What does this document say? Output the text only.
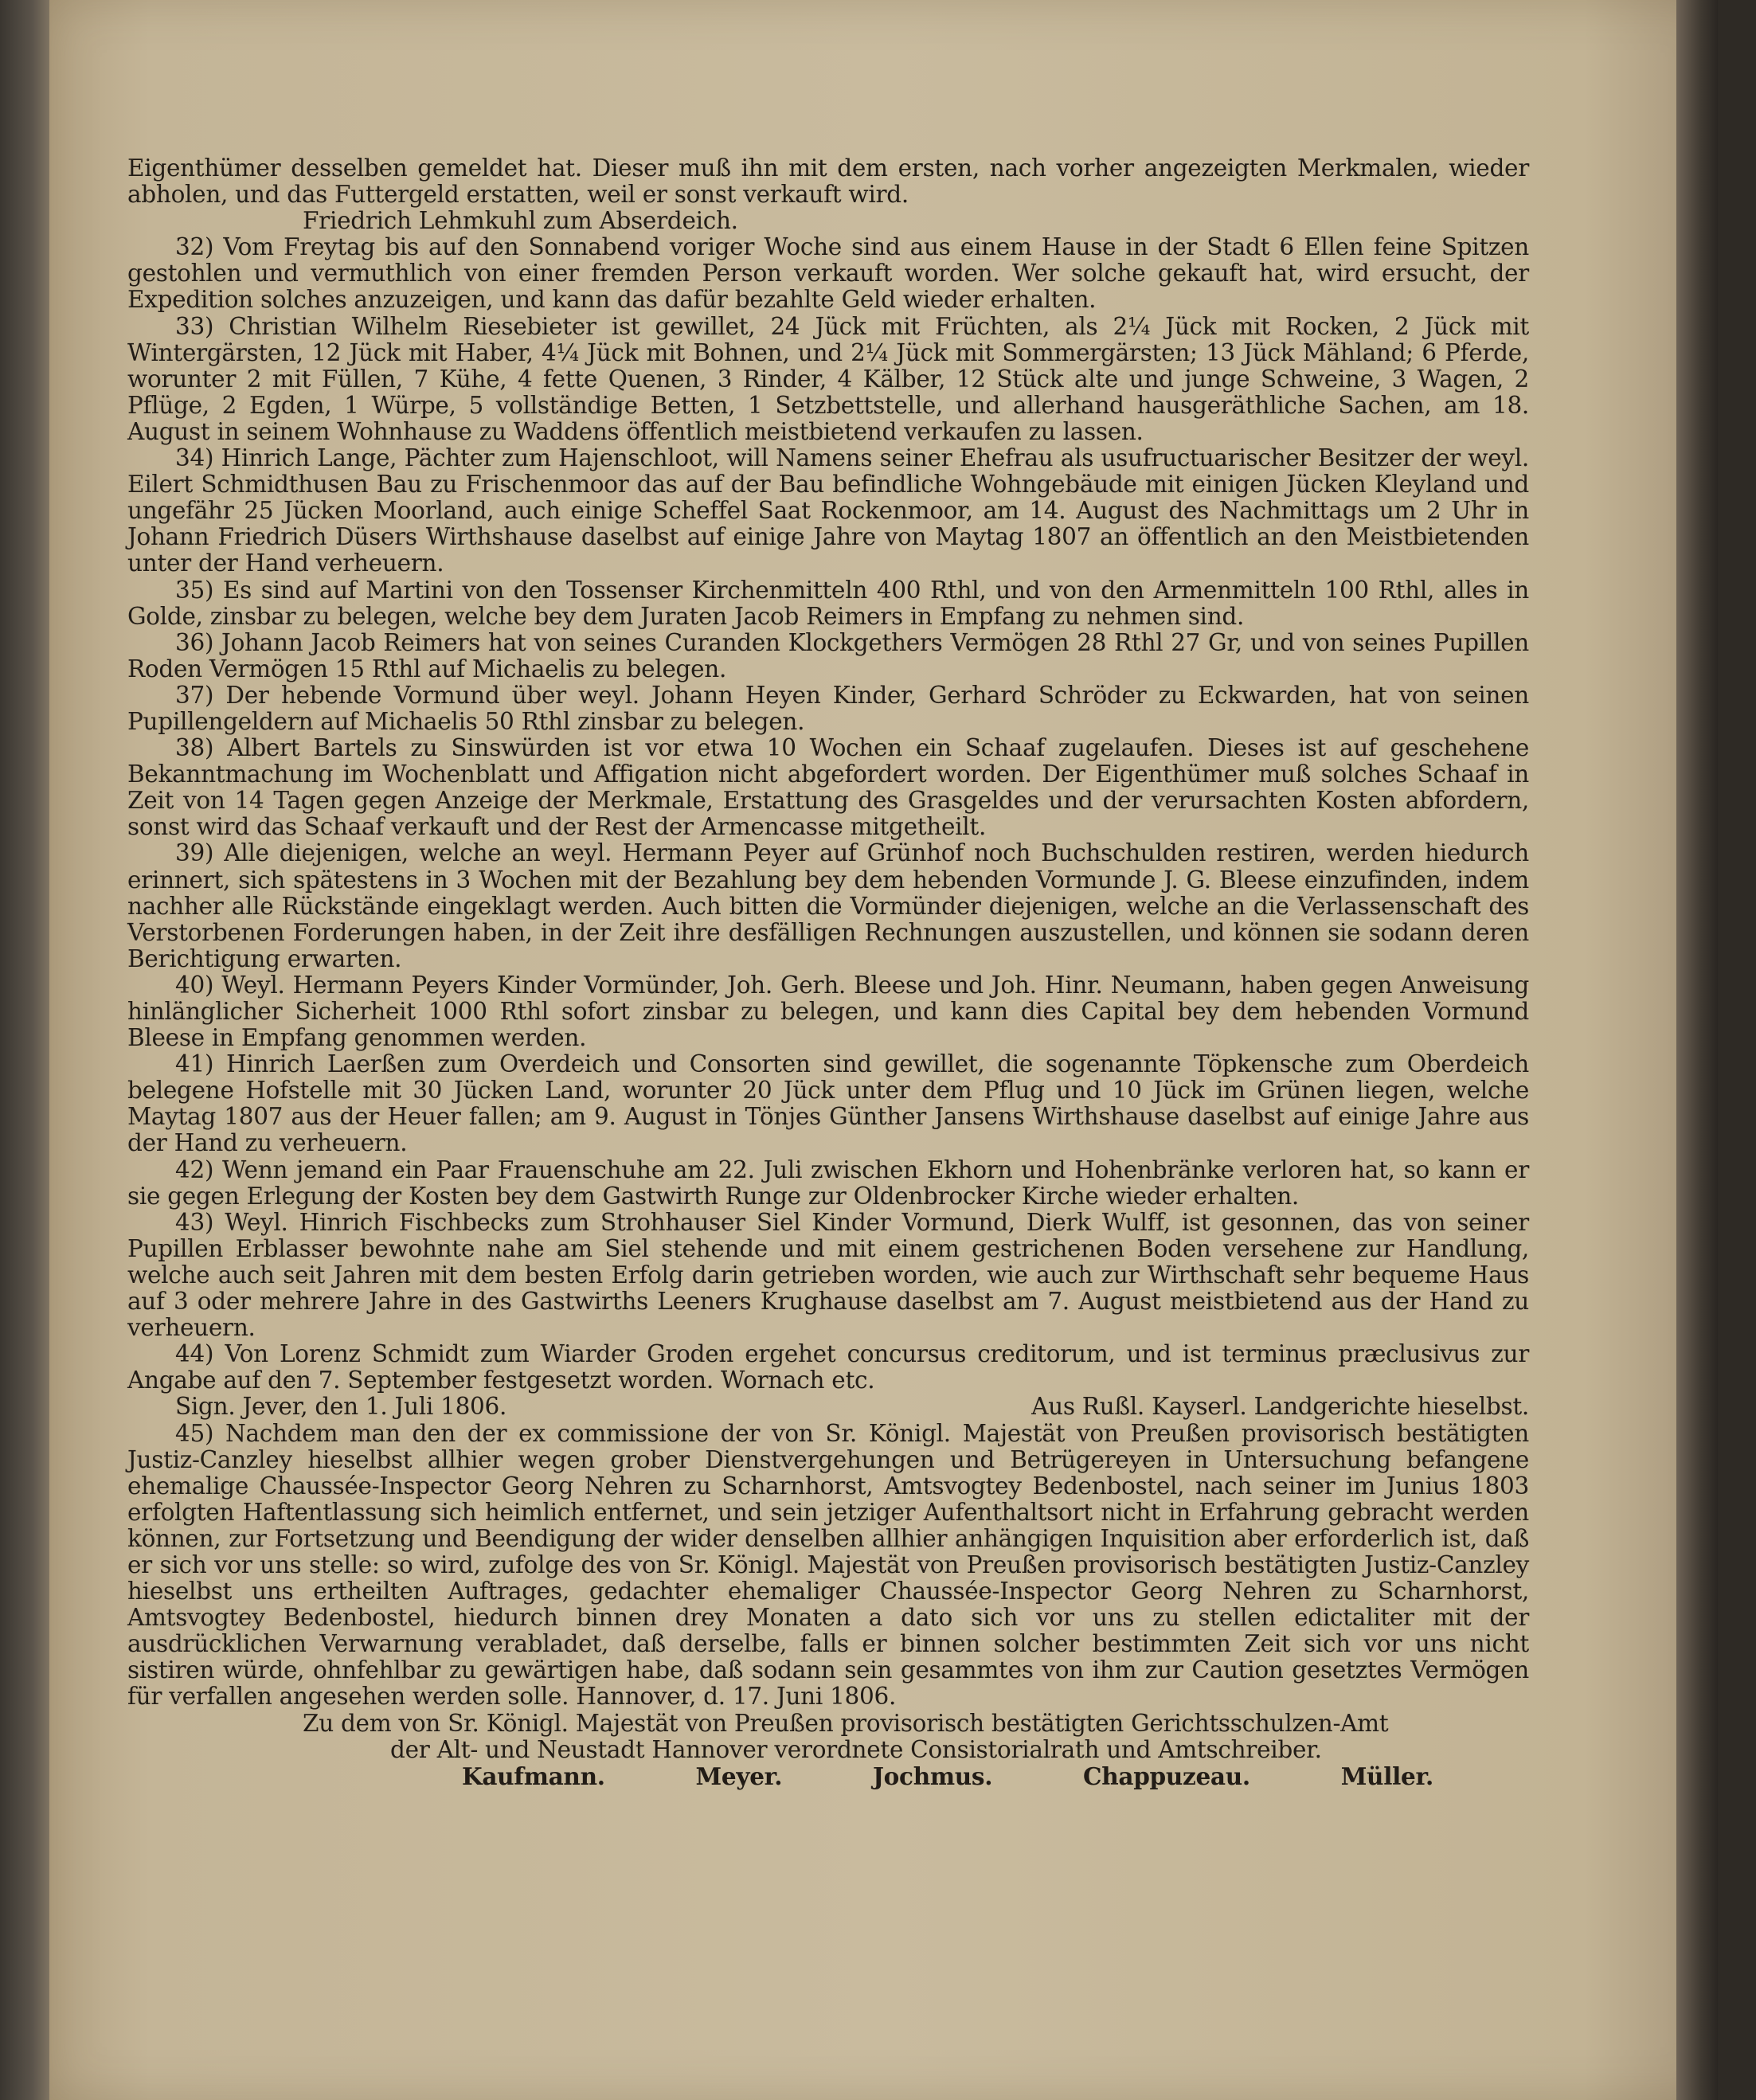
Eigenthümer desselben gemeldet hat. Dieser muß ihn mit dem ersten, nach vorher angezeigten Merkmalen, wieder abholen, und das Futtergeld erstatten, weil er sonst verkauft wird.

Friedrich Lehmkuhl zum Abserdeich.

32) Vom Freytag bis auf den Sonnabend voriger Woche sind aus einem Hause in der Stadt 6 Ellen feine Spitzen gestohlen und vermuthlich von einer fremden Person verkauft worden. Wer solche gekauft hat, wird ersucht, der Expedition solches anzuzeigen, und kann das dafür bezahlte Geld wieder erhalten.

33) Christian Wilhelm Riesebieter ist gewillet, 24 Jück mit Früchten, als 2¼ Jück mit Rocken, 2 Jück mit Wintergärsten, 12 Jück mit Haber, 4¼ Jück mit Bohnen, und 2¼ Jück mit Sommergärsten; 13 Jück Mähland; 6 Pferde, worunter 2 mit Füllen, 7 Kühe, 4 fette Quenen, 3 Rinder, 4 Kälber, 12 Stück alte und junge Schweine, 3 Wagen, 2 Pflüge, 2 Egden, 1 Würpe, 5 vollständige Betten, 1 Setzbettstelle, und allerhand hausgeräthliche Sachen, am 18. August in seinem Wohnhause zu Waddens öffentlich meistbietend verkaufen zu lassen.

34) Hinrich Lange, Pächter zum Hajenschloot, will Namens seiner Ehefrau als usufructuarischer Besitzer der weyl. Eilert Schmidthusen Bau zu Frischenmoor das auf der Bau befindliche Wohngebäude mit einigen Jücken Kleyland und ungefähr 25 Jücken Moorland, auch einige Scheffel Saat Rockenmoor, am 14. August des Nachmittags um 2 Uhr in Johann Friedrich Düsers Wirthshause daselbst auf einige Jahre von Maytag 1807 an öffentlich an den Meistbietenden unter der Hand verheuern.

35) Es sind auf Martini von den Tossenser Kirchenmitteln 400 Rthl, und von den Armenmitteln 100 Rthl, alles in Golde, zinsbar zu belegen, welche bey dem Juraten Jacob Reimers in Empfang zu nehmen sind.

36) Johann Jacob Reimers hat von seines Curanden Klockgethers Vermögen 28 Rthl 27 Gr, und von seines Pupillen Roden Vermögen 15 Rthl auf Michaelis zu belegen.

37) Der hebende Vormund über weyl. Johann Heyen Kinder, Gerhard Schröder zu Eckwarden, hat von seinen Pupillengeldern auf Michaelis 50 Rthl zinsbar zu belegen.

38) Albert Bartels zu Sinswürden ist vor etwa 10 Wochen ein Schaaf zugelaufen. Dieses ist auf geschehene Bekanntmachung im Wochenblatt und Affigation nicht abgefordert worden. Der Eigenthümer muß solches Schaaf in Zeit von 14 Tagen gegen Anzeige der Merkmale, Erstattung des Grasgeldes und der verursachten Kosten abfordern, sonst wird das Schaaf verkauft und der Rest der Armencasse mitgetheilt.

39) Alle diejenigen, welche an weyl. Hermann Peyer auf Grünhof noch Buchschulden restiren, werden hiedurch erinnert, sich spätestens in 3 Wochen mit der Bezahlung bey dem hebenden Vormunde J. G. Bleese einzufinden, indem nachher alle Rückstände eingeklagt werden. Auch bitten die Vormünder diejenigen, welche an die Verlassenschaft des Verstorbenen Forderungen haben, in der Zeit ihre desfälligen Rechnungen auszustellen, und können sie sodann deren Berichtigung erwarten.

40) Weyl. Hermann Peyers Kinder Vormünder, Joh. Gerh. Bleese und Joh. Hinr. Neumann, haben gegen Anweisung hinlänglicher Sicherheit 1000 Rthl sofort zinsbar zu belegen, und kann dies Capital bey dem hebenden Vormund Bleese in Empfang genommen werden.

41) Hinrich Laerßen zum Overdeich und Consorten sind gewillet, die sogenannte Töpkensche zum Oberdeich belegene Hofstelle mit 30 Jücken Land, worunter 20 Jück unter dem Pflug und 10 Jück im Grünen liegen, welche Maytag 1807 aus der Heuer fallen; am 9. August in Tönjes Günther Jansens Wirthshause daselbst auf einige Jahre aus der Hand zu verheuern.

42) Wenn jemand ein Paar Frauenschuhe am 22. Juli zwischen Ekhorn und Hohenbränke verloren hat, so kann er sie gegen Erlegung der Kosten bey dem Gastwirth Runge zur Oldenbrocker Kirche wieder erhalten.

43) Weyl. Hinrich Fischbecks zum Strohhauser Siel Kinder Vormund, Dierk Wulff, ist gesonnen, das von seiner Pupillen Erblasser bewohnte nahe am Siel stehende und mit einem gestrichenen Boden versehene zur Handlung, welche auch seit Jahren mit dem besten Erfolg darin getrieben worden, wie auch zur Wirthschaft sehr bequeme Haus auf 3 oder mehrere Jahre in des Gastwirths Leeners Krughause daselbst am 7. August meistbietend aus der Hand zu verheuern.

44) Von Lorenz Schmidt zum Wiarder Groden ergehet concursus creditorum, und ist terminus præclusivus zur Angabe auf den 7. September festgesetzt worden. Wornach etc.

Sign. Jever, den 1. Juli 1806.	Aus Rußl. Kayserl. Landgerichte hieselbst.

45) Nachdem man den der ex commissione der von Sr. Königl. Majestät von Preußen provisorisch bestätigten Justiz-Canzley hieselbst allhier wegen grober Dienstvergehungen und Betrügereyen in Untersuchung befangene ehemalige Chaussée-Inspector Georg Nehren zu Scharnhorst, Amtsvogtey Bedenbostel, nach seiner im Junius 1803 erfolgten Haftentlassung sich heimlich entfernet, und sein jetziger Aufenthaltsort nicht in Erfahrung gebracht werden können, zur Fortsetzung und Beendigung der wider denselben allhier anhängigen Inquisition aber erforderlich ist, daß er sich vor uns stelle: so wird, zufolge des von Sr. Königl. Majestät von Preußen provisorisch bestätigten Justiz-Canzley hieselbst uns ertheilten Auftrages, gedachter ehemaliger Chaussée-Inspector Georg Nehren zu Scharnhorst, Amtsvogtey Bedenbostel, hiedurch binnen drey Monaten a dato sich vor uns zu stellen edictaliter mit der ausdrücklichen Verwarnung verabladet, daß derselbe, falls er binnen solcher bestimmten Zeit sich vor uns nicht sistiren würde, ohnfehlbar zu gewärtigen habe, daß sodann sein gesammtes von ihm zur Caution gesetztes Vermögen für verfallen angesehen werden solle. Hannover, d. 17. Juni 1806.

Zu dem von Sr. Königl. Majestät von Preußen provisorisch bestätigten Gerichtsschulzen-Amt

der Alt- und Neustadt Hannover verordnete Consistorialrath und Amtschreiber.

Kaufmann.	Meyer.	Jochmus.	Chappuzeau.	Müller.
